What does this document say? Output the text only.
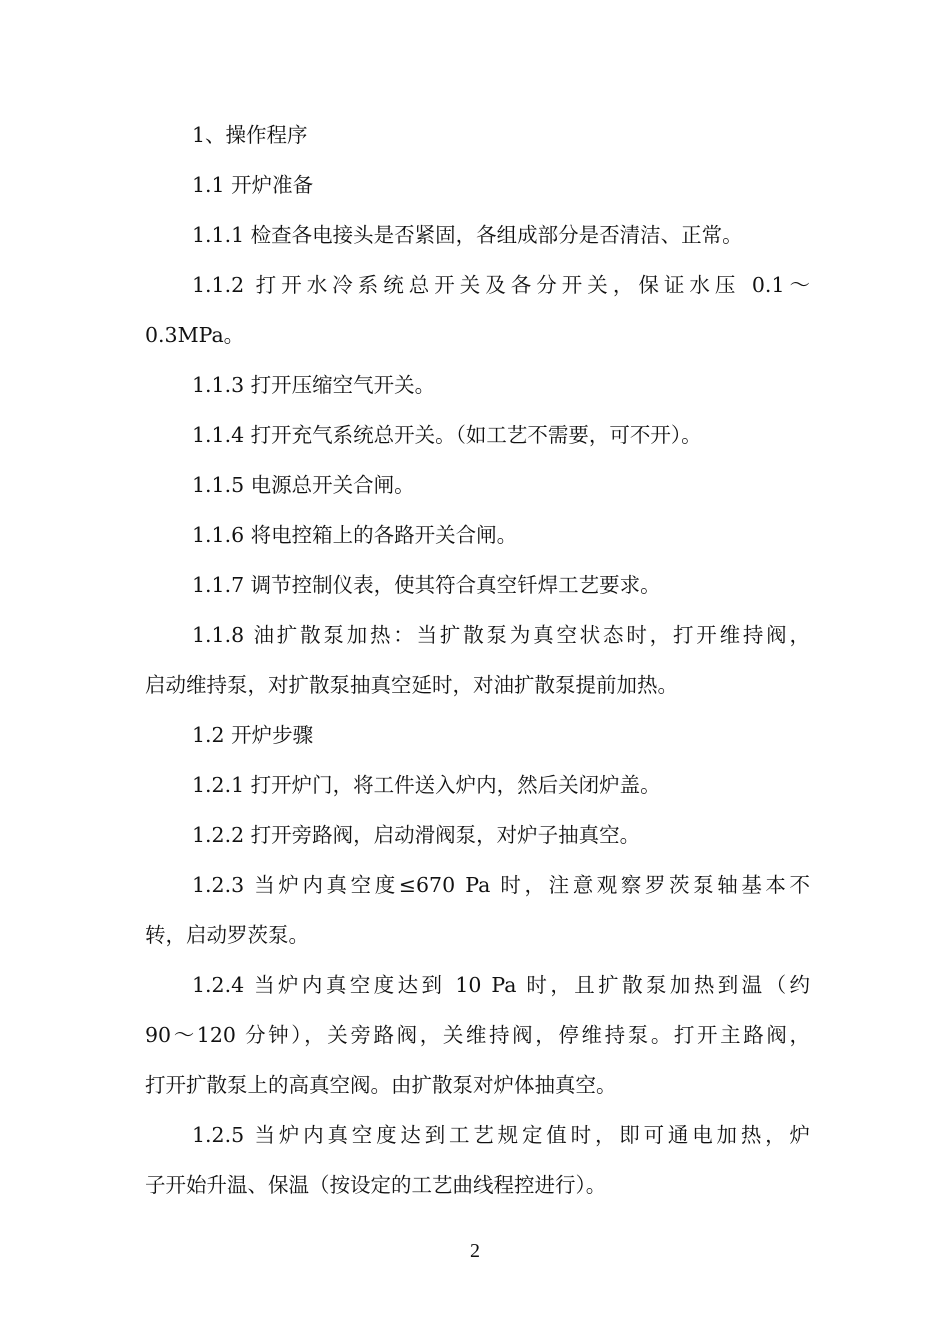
1、操作程序
1.1 开炉准备
1.1.1 检查各电接头是否紧固，各组成部分是否清洁、正常。
1.1.2 打开水冷系统总开关及各分开关，保证水压 0.1～
0.3MPa。
1.1.3 打开压缩空气开关。
1.1.4 打开充气系统总开关。（如工艺不需要，可不开）。
1.1.5 电源总开关合闸。
1.1.6 将电控箱上的各路开关合闸。
1.1.7 调节控制仪表，使其符合真空钎焊工艺要求。
1.1.8 油扩散泵加热：当扩散泵为真空状态时，打开维持阀，
启动维持泵，对扩散泵抽真空延时，对油扩散泵提前加热。
1.2 开炉步骤
1.2.1 打开炉门，将工件送入炉内，然后关闭炉盖。
1.2.2 打开旁路阀，启动滑阀泵，对炉子抽真空。
1.2.3 当炉内真空度≤670 Pa 时，注意观察罗茨泵轴基本不
转，启动罗茨泵。
1.2.4 当炉内真空度达到 10 Pa 时，且扩散泵加热到温（约
90～120 分钟），关旁路阀，关维持阀，停维持泵。打开主路阀，
打开扩散泵上的高真空阀。由扩散泵对炉体抽真空。
1.2.5 当炉内真空度达到工艺规定值时，即可通电加热，炉
子开始升温、保温（按设定的工艺曲线程控进行）。
2
